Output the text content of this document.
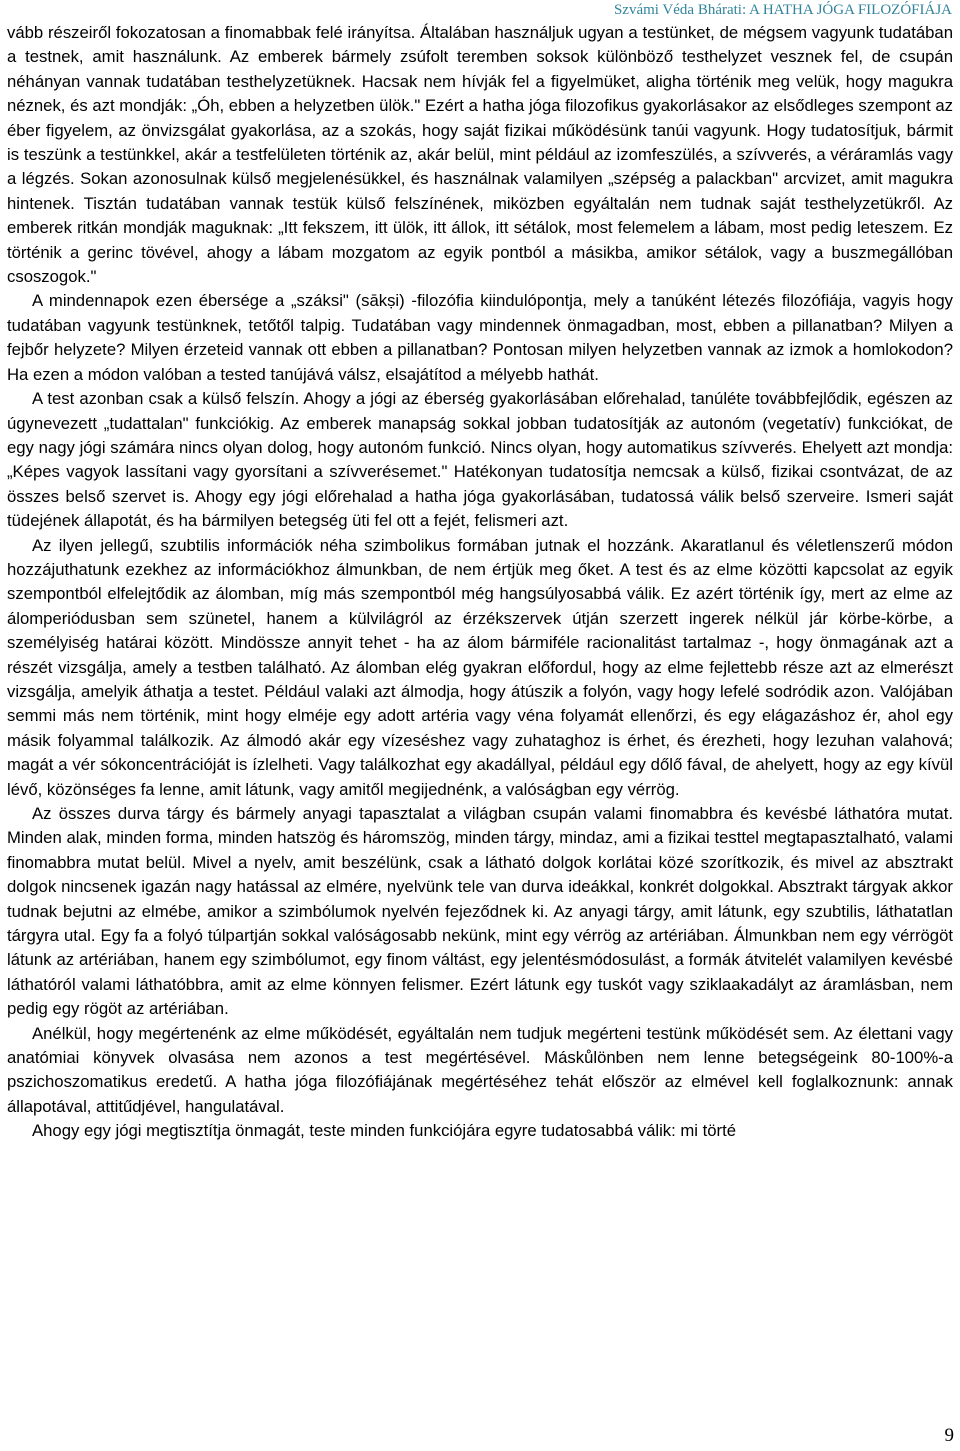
Szvámi Véda Bhárati: A HATHA JÓGA FILOZÓFIÁJA

vább részeiről fokozatosan a finomabbak felé irányítsa. Általában használjuk ugyan a testünket, de mégsem vagyunk tudatában a testnek, amit használunk. Az emberek bármely zsúfolt teremben soksok különböző testhelyzet vesznek fel, de csupán néhányan vannak tudatában testhelyzetüknek. Hacsak nem hívják fel a figyelmüket, aligha történik meg velük, hogy magukra néznek, és azt mondják: „Óh, ebben a helyzetben ülök." Ezért a hatha jóga filozofikus gyakorlásakor az elsődleges szempont az éber figyelem, az önvizsgálat gyakorlása, az a szokás, hogy saját fizikai működésünk tanúi vagyunk. Hogy tudatosítjuk, bármit is teszünk a testünkkel, akár a testfelületen történik az, akár belül, mint például az izomfeszülés, a szívverés, a véráramlás vagy a légzés. Sokan azonosulnak külső megjelenésükkel, és használnak valamilyen „szépség a palackban" arcvizet, amit magukra hintenek. Tisztán tudatában vannak testük külső felszínének, miközben egyáltalán nem tudnak saját testhelyzetükről. Az emberek ritkán mondják maguknak: „Itt fekszem, itt ülök, itt állok, itt sétálok, most felemelem a lábam, most pedig leteszem. Ez történik a gerinc tövével, ahogy a lábam mozgatom az egyik pontból a másikba, amikor sétálok, vagy a buszmegállóban csoszogok."

A mindennapok ezen ébersége a „száksi" (sākṣi) -filozófia kiindulópontja, mely a tanúként létezés filozófiája, vagyis hogy tudatában vagyunk testünknek, tetőtől talpig. Tudatában vagy mindennek önmagadban, most, ebben a pillanatban? Milyen a fejbőr helyzete? Milyen érzeteid vannak ott ebben a pillanatban? Pontosan milyen helyzetben vannak az izmok a homlokodon? Ha ezen a módon valóban a tested tanújává válsz, elsajátítod a mélyebb hathát.

A test azonban csak a külső felszín. Ahogy a jógi az éberség gyakorlásában előrehalad, tanúléte továbbfejlődik, egészen az úgynevezett „tudattalan" funkciókig. Az emberek manapság sokkal jobban tudatosítják az autonóm (vegetatív) funkciókat, de egy nagy jógi számára nincs olyan dolog, hogy autonóm funkció. Nincs olyan, hogy automatikus szívverés. Ehelyett azt mondja: „Képes vagyok lassítani vagy gyorsítani a szívverésemet." Hatékonyan tudatosítja nemcsak a külső, fizikai csontvázat, de az összes belső szervet is. Ahogy egy jógi előrehalad a hatha jóga gyakorlásában, tudatossá válik belső szerveire. Ismeri saját tüdejének állapotát, és ha bármilyen betegség üti fel ott a fejét, felismeri azt.

Az ilyen jellegű, szubtilis információk néha szimbolikus formában jutnak el hozzánk. Akaratlanul és véletlenszerű módon hozzájuthatunk ezekhez az információkhoz álmunkban, de nem értjük meg őket. A test és az elme közötti kapcsolat az egyik szempontból elfelejtődik az álomban, míg más szempontból még hangsúlyosabbá válik. Ez azért történik így, mert az elme az álomperiódusban sem szünetel, hanem a külvilágról az érzékszervek útján szerzett ingerek nélkül jár körbe-körbe, a személyiség határai között. Mindössze annyit tehet - ha az álom bármiféle racionalitást tartalmaz -, hogy önmagának azt a részét vizsgálja, amely a testben található. Az álomban elég gyakran előfordul, hogy az elme fejlettebb része azt az elmerészt vizsgálja, amelyik áthatja a testet. Például valaki azt álmodja, hogy átúszik a folyón, vagy hogy lefelé sodródik azon. Valójában semmi más nem történik, mint hogy elméje egy adott artéria vagy véna folyamát ellenőrzi, és egy elágazáshoz ér, ahol egy másik folyammal találkozik. Az álmodó akár egy vízeséshez vagy zuhataghoz is érhet, és érezheti, hogy lezuhan valahová; magát a vér sókoncentrációját is ízlelheti. Vagy találkozhat egy akadállyal, például egy dőlő fával, de ahelyett, hogy az egy kívül lévő, közönséges fa lenne, amit látunk, vagy amitől megijednénk, a valóságban egy vérrög.

Az összes durva tárgy és bármely anyagi tapasztalat a világban csupán valami finomabbra és kevésbé láthatóra mutat. Minden alak, minden forma, minden hatszög és háromszög, minden tárgy, mindaz, ami a fizikai testtel megtapasztalható, valami finomabbra mutat belül. Mivel a nyelv, amit beszélünk, csak a látható dolgok korlátai közé szorítkozik, és mivel az absztrakt dolgok nincsenek igazán nagy hatással az elmére, nyelvünk tele van durva ideákkal, konkrét dolgokkal. Absztrakt tárgyak akkor tudnak bejutni az elmébe, amikor a szimbólumok nyelvén fejeződnek ki. Az anyagi tárgy, amit látunk, egy szubtilis, láthatatlan tárgyra utal. Egy fa a folyó túlpartján sokkal valóságosabb nekünk, mint egy vérrög az artériában. Álmunkban nem egy vérrögöt látunk az artériában, hanem egy szimbólumot, egy finom váltást, egy jelentésmódosulást, a formák átvitelét valamilyen kevésbé láthatóról valami láthatóbbra, amit az elme könnyen felismer. Ezért látunk egy tuskót vagy sziklaakadályt az áramlásban, nem pedig egy rögöt az artériában.

Anélkül, hogy megértenénk az elme működését, egyáltalán nem tudjuk megérteni testünk működését sem. Az élettani vagy anatómiai könyvek olvasása nem azonos a test megértésével. Máskůlönben nem lenne betegségeink 80-100%-a pszichoszomatikus eredetű. A hatha jóga filozófiájának megértéséhez tehát először az elmével kell foglalkoznunk: annak állapotával, attitűdjével, hangulatával.

Ahogy egy jógi megtisztítja önmagát, teste minden funkciójára egyre tudatosabbá válik: mi törté

9
